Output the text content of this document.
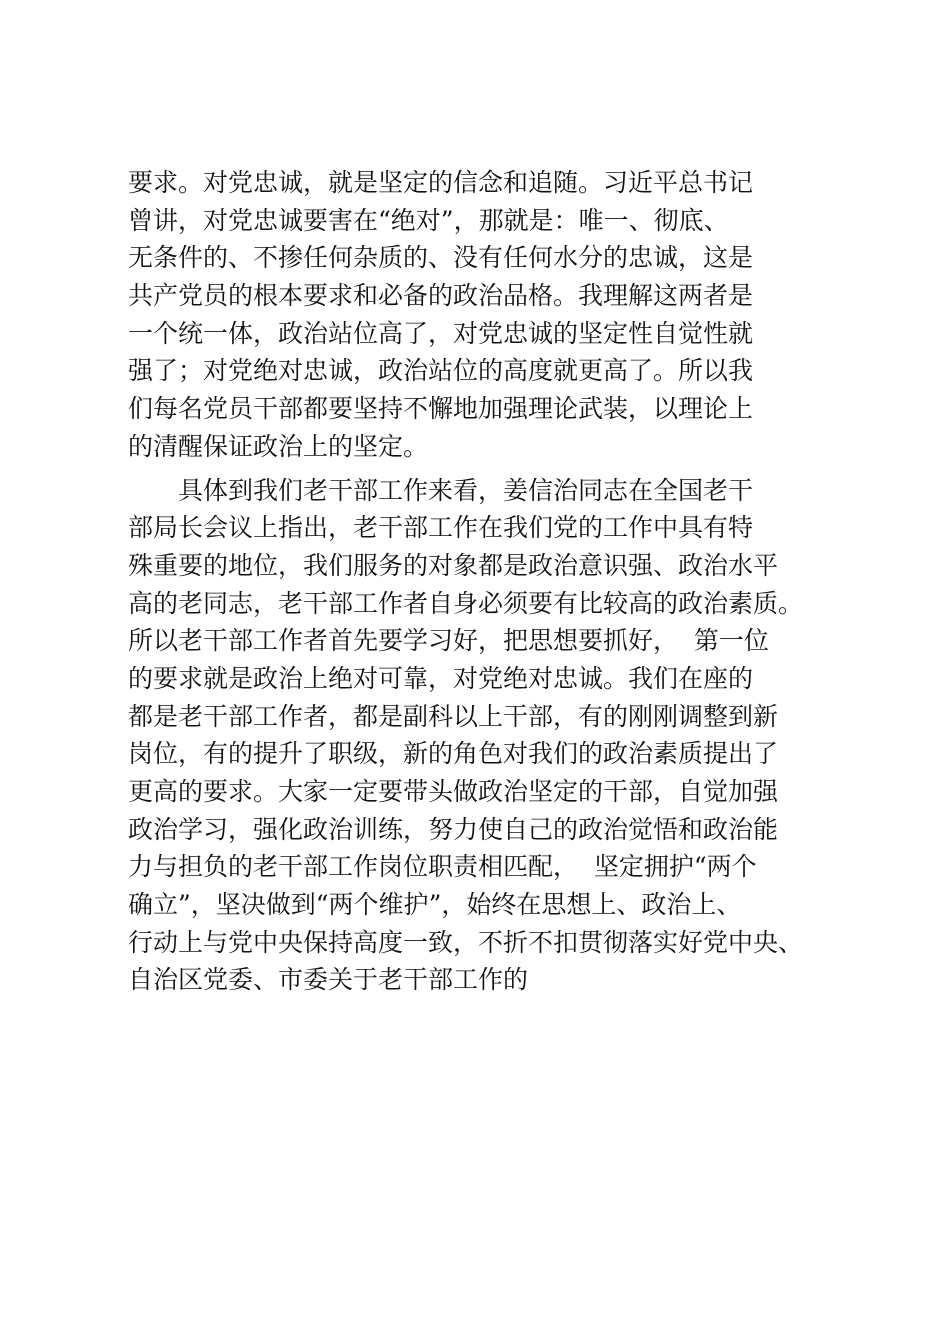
要求。对党忠诚，就是坚定的信念和追随。习近平总书记
曾讲，对党忠诚要害在“绝对”，那就是：唯一、彻底、
无条件的、不掺任何杂质的、没有任何水分的忠诚，这是
共产党员的根本要求和必备的政治品格。我理解这两者是
一个统一体，政治站位高了，对党忠诚的坚定性自觉性就
强了；对党绝对忠诚，政治站位的高度就更高了。所以我
们每名党员干部都要坚持不懈地加强理论武装，以理论上
的清醒保证政治上的坚定。
　　具体到我们老干部工作来看，姜信治同志在全国老干
部局长会议上指出，老干部工作在我们党的工作中具有特
殊重要的地位，我们服务的对象都是政治意识强、政治水平
高的老同志，老干部工作者自身必须要有比较高的政治素质。
所以老干部工作者首先要学习好，把思想要抓好，  第一位
的要求就是政治上绝对可靠，对党绝对忠诚。我们在座的
都是老干部工作者，都是副科以上干部，有的刚刚调整到新
岗位，有的提升了职级，新的角色对我们的政治素质提出了
更高的要求。大家一定要带头做政治坚定的干部，自觉加强
政治学习，强化政治训练，努力使自己的政治觉悟和政治能
力与担负的老干部工作岗位职责相匹配，  坚定拥护“两个
确立”，坚决做到“两个维护”，始终在思想上、政治上、
行动上与党中央保持高度一致，不折不扣贯彻落实好党中央、
自治区党委、市委关于老干部工作的
